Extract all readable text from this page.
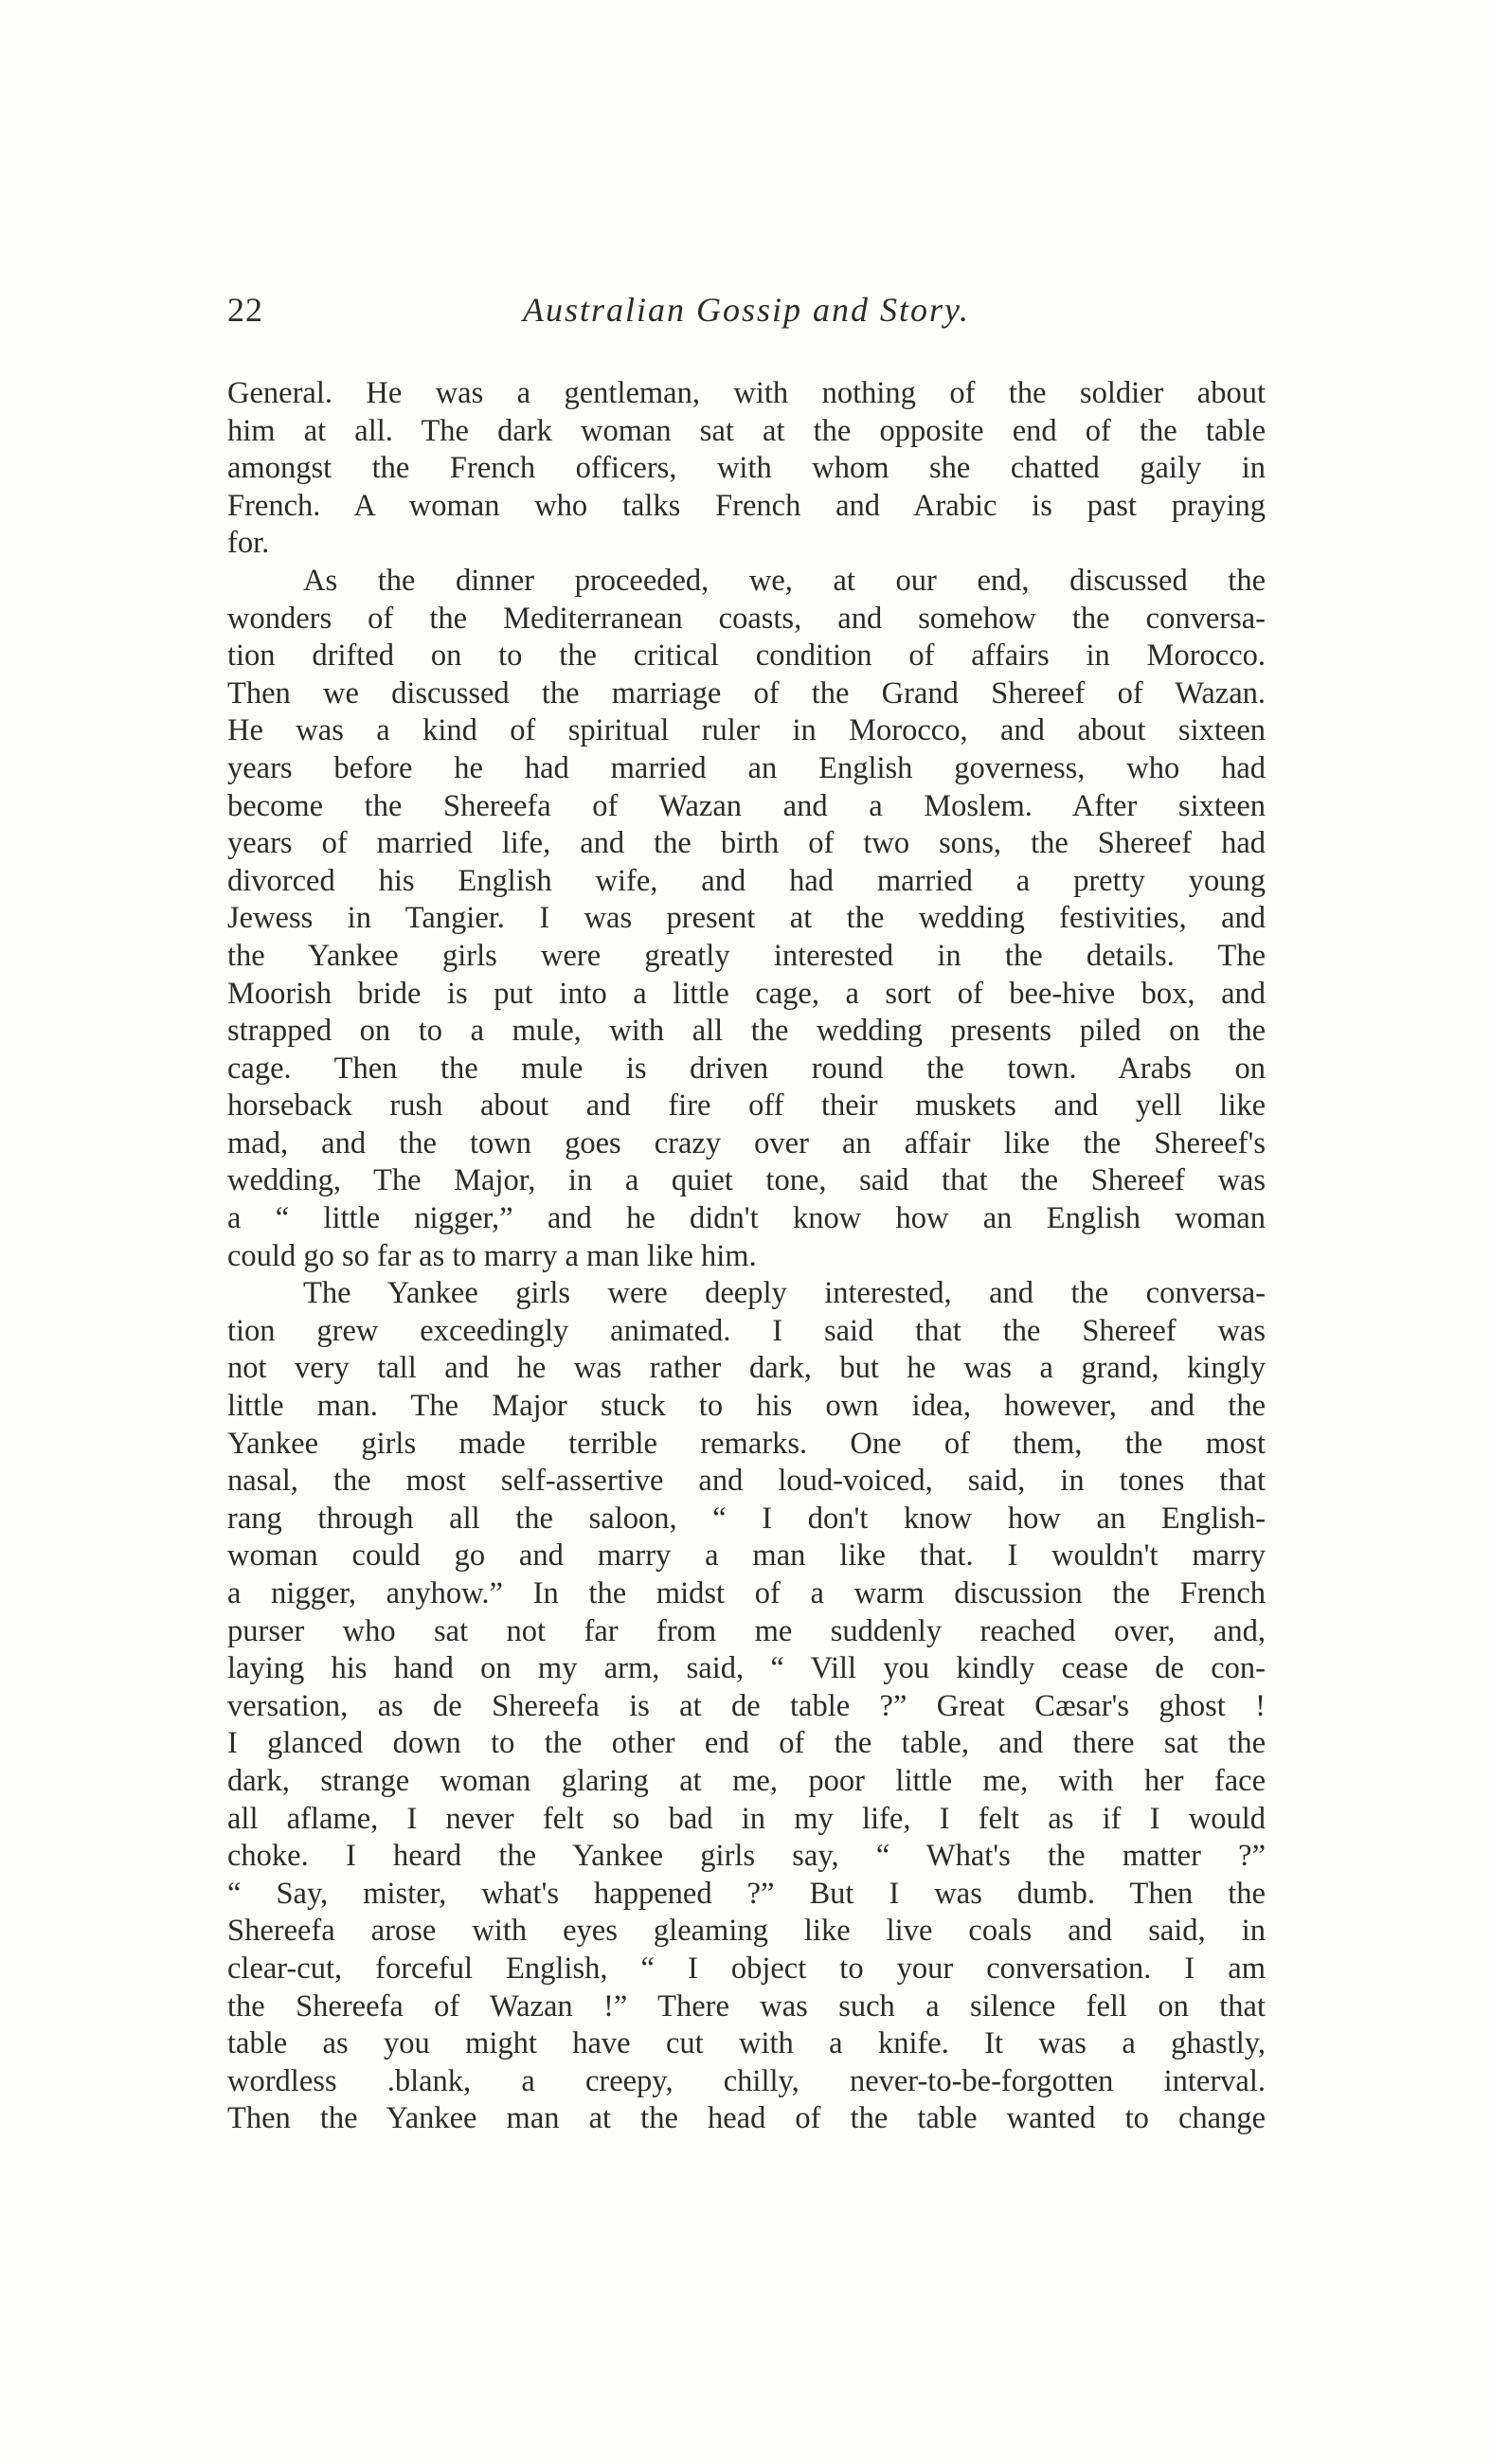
22	Australian Gossip and Story.
General. He was a gentleman, with nothing of the soldier about
him at all. The dark woman sat at the opposite end of the table
amongst the French officers, with whom she chatted gaily in
French. A woman who talks French and Arabic is past praying
for.
As the dinner proceeded, we, at our end, discussed the
wonders of the Mediterranean coasts, and somehow the conversa-
tion drifted on to the critical condition of affairs in Morocco.
Then we discussed the marriage of the Grand Shereef of Wazan.
He was a kind of spiritual ruler in Morocco, and about sixteen
years before he had married an English governess, who had
become the Shereefa of Wazan and a Moslem. After sixteen
years of married life, and the birth of two sons, the Shereef had
divorced his English wife, and had married a pretty young
Jewess in Tangier. I was present at the wedding festivities, and
the Yankee girls were greatly interested in the details. The
Moorish bride is put into a little cage, a sort of bee-hive box, and
strapped on to a mule, with all the wedding presents piled on the
cage. Then the mule is driven round the town. Arabs on
horseback rush about and fire off their muskets and yell like
mad, and the town goes crazy over an affair like the Shereef's
wedding, The Major, in a quiet tone, said that the Shereef was
a “ little nigger,” and he didn't know how an English woman
could go so far as to marry a man like him.
The Yankee girls were deeply interested, and the conversa-
tion grew exceedingly animated. I said that the Shereef was
not very tall and he was rather dark, but he was a grand, kingly
little man. The Major stuck to his own idea, however, and the
Yankee girls made terrible remarks. One of them, the most
nasal, the most self-assertive and loud-voiced, said, in tones that
rang through all the saloon, “ I don't know how an English-
woman could go and marry a man like that. I wouldn't marry
a nigger, anyhow.” In the midst of a warm discussion the French
purser who sat not far from me suddenly reached over, and,
laying his hand on my arm, said, “ Vill you kindly cease de con-
versation, as de Shereefa is at de table ?” Great Cæsar's ghost !
I glanced down to the other end of the table, and there sat the
dark, strange woman glaring at me, poor little me, with her face
all aflame, I never felt so bad in my life, I felt as if I would
choke. I heard the Yankee girls say, “ What's the matter ?”
“ Say, mister, what's happened ?” But I was dumb. Then the
Shereefa arose with eyes gleaming like live coals and said, in
clear-cut, forceful English, “ I object to your conversation. I am
the Shereefa of Wazan !” There was such a silence fell on that
table as you might have cut with a knife. It was a ghastly,
wordless .blank, a creepy, chilly, never-to-be-forgotten interval.
Then the Yankee man at the head of the table wanted to change
